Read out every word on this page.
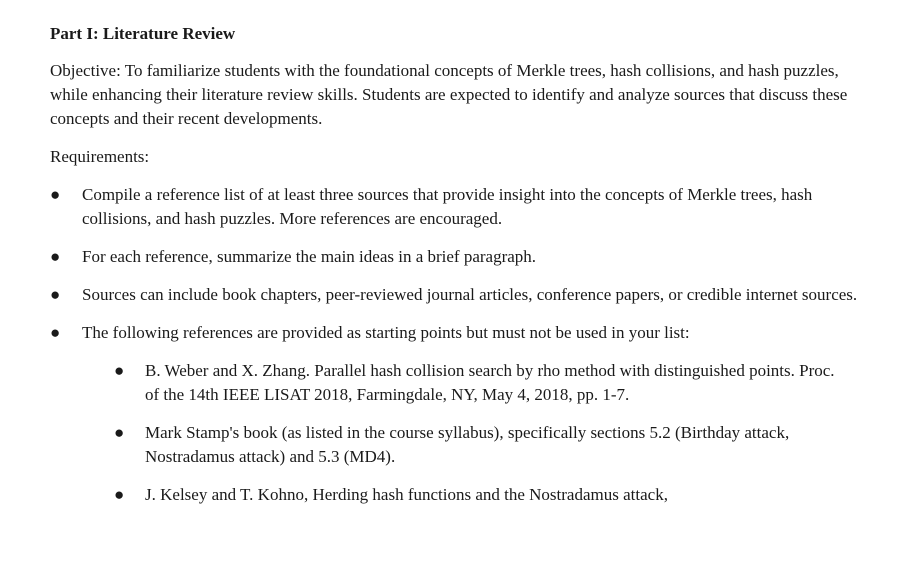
Part I: Literature Review
Objective: To familiarize students with the foundational concepts of Merkle trees, hash collisions, and hash puzzles, while enhancing their literature review skills. Students are expected to identify and analyze sources that discuss these concepts and their recent developments.
Requirements:
● Compile a reference list of at least three sources that provide insight into the concepts of Merkle trees, hash collisions, and hash puzzles. More references are encouraged.
● For each reference, summarize the main ideas in a brief paragraph.
● Sources can include book chapters, peer-reviewed journal articles, conference papers, or credible internet sources.
● The following references are provided as starting points but must not be used in your list:
● B. Weber and X. Zhang. Parallel hash collision search by rho method with distinguished points. Proc. of the 14th IEEE LISAT 2018, Farmingdale, NY, May 4, 2018, pp. 1-7.
● Mark Stamp's book (as listed in the course syllabus), specifically sections 5.2 (Birthday attack, Nostradamus attack) and 5.3 (MD4).
● J. Kelsey and T. Kohno, Herding hash functions and the Nostradamus attack,
